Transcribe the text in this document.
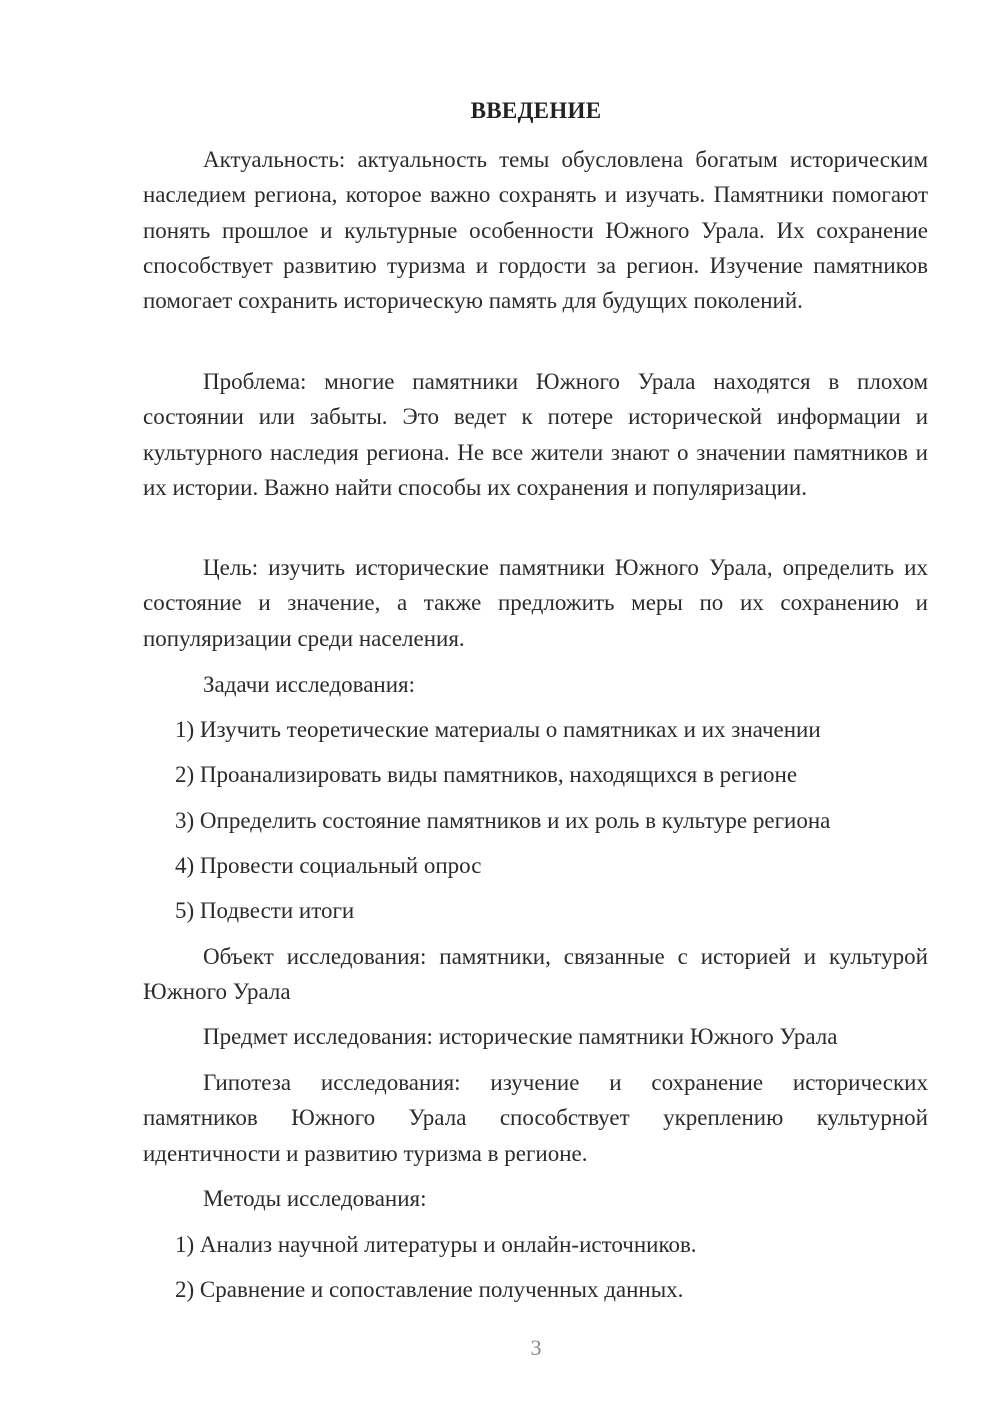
ВВЕДЕНИЕ

Актуальность: актуальность темы обусловлена богатым историческим наследием региона, которое важно сохранять и изучать. Памятники помогают понять прошлое и культурные особенности Южного Урала. Их сохранение способствует развитию туризма и гордости за регион. Изучение памятников помогает сохранить историческую память для будущих поколений.

Проблема: многие памятники Южного Урала находятся в плохом состоянии или забыты. Это ведет к потере исторической информации и культурного наследия региона. Не все жители знают о значении памятников и их истории. Важно найти способы их сохранения и популяризации.

Цель: изучить исторические памятники Южного Урала, определить их состояние и значение, а также предложить меры по их сохранению и популяризации среди населения.

Задачи исследования:
1) Изучить теоретические материалы о памятниках и их значении
2) Проанализировать виды памятников, находящихся в регионе
3) Определить состояние памятников и их роль в культуре региона
4) Провести социальный опрос
5) Подвести итоги

Объект исследования: памятники, связанные с историей и культурой Южного Урала

Предмет исследования: исторические памятники Южного Урала

Гипотеза исследования: изучение и сохранение исторических памятников Южного Урала способствует укреплению культурной идентичности и развитию туризма в регионе.

Методы исследования:
1) Анализ научной литературы и онлайн-источников.
2) Сравнение и сопоставление полученных данных.
3
